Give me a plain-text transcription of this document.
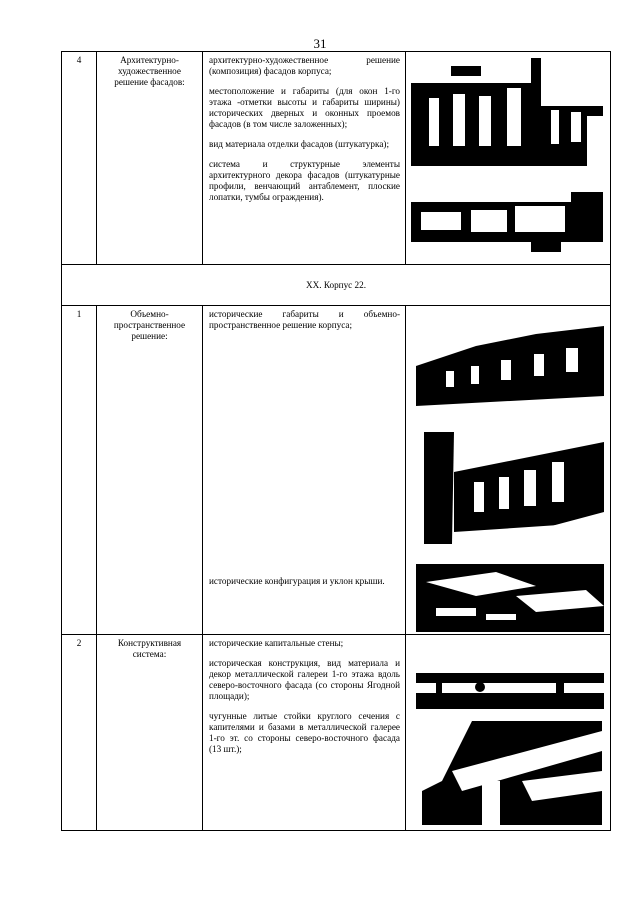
31
4	Архитектурно-художественное решение фасадов:	архитектурно-художественное решение (композиция) фасадов корпуса;

местоположение и габариты (для окон 1-го этажа -отметки высоты и габариты ширины) исторических дверных и оконных проемов фасадов (в том числе заложенных);

вид материала отделки фасадов (штукатурка);

система и структурные элементы архитектурного декора фасадов (штукатурные профили, венчающий антаблемент, плоские лопатки, тумбы ограждения).

XX. Корпус 22.			
1	Объемно-пространственное решение:	исторические габариты и объемно-пространственное решение корпуса;

исторические конфигурация и уклон крыши.

2	Конструктивная система:	исторические капитальные стены;

историческая конструкция, вид материала и декор металлической галереи 1-го этажа вдоль северо-восточного фасада (со стороны Ягодной площади);

чугунные литые стойки круглого сечения с капителями и базами в металлической галерее 1-го эт. со стороны северо-восточного фасада (13 шт.);
